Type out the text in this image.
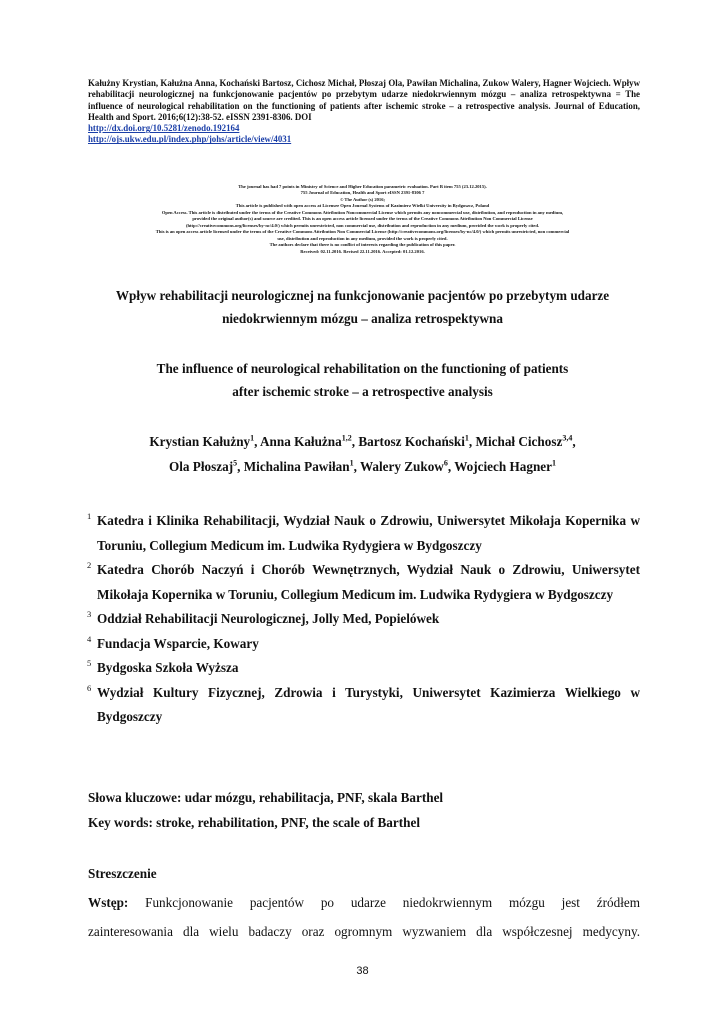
Kałużny Krystian, Kałużna Anna, Kochański Bartosz, Cichosz Michał, Płoszaj Ola, Pawiłan Michalina, Zukow Walery, Hagner Wojciech. Wpływ rehabilitacji neurologicznej na funkcjonowanie pacjentów po przebytym udarze niedokrwiennym mózgu – analiza retrospektywna = The influence of neurological rehabilitation on the functioning of patients after ischemic stroke – a retrospective analysis. Journal of Education, Health and Sport. 2016;6(12):38-52. eISSN 2391-8306. DOI
http://dx.doi.org/10.5281/zenodo.192164
http://ojs.ukw.edu.pl/index.php/johs/article/view/4031
The journal has had 7 points in Ministry of Science and Higher Education parametric evaluation. Part B item 755 (23.12.2015).
755 Journal of Education, Health and Sport eISSN 2391-8306 7
© The Author (s) 2016;
This article is published with open access at Licensee Open Journal Systems of Kazimierz Wielki University in Bydgoszcz, Poland
Open Access. This article is distributed under the terms of the Creative Commons Attribution Noncommercial License which permits any noncommercial use, distribution, and reproduction in any medium,
provided the original author(s) and source are credited. This is an open access article licensed under the terms of the Creative Commons Attribution Non Commercial License
(http://creativecommons.org/licenses/by-nc/4.0/) which permits unrestricted, non commercial use, distribution and reproduction in any medium, provided the work is properly cited.
This is an open access article licensed under the terms of the Creative Commons Attribution Non Commercial License (http://creativecommons.org/licenses/by-nc/4.0/) which permits unrestricted, non commercial
use, distribution and reproduction in any medium, provided the work is properly cited.
The authors declare that there is no conflict of interests regarding the publication of this paper.
Received: 02.11.2016. Revised 22.11.2016. Accepted: 01.12.2016.
Wpływ rehabilitacji neurologicznej na funkcjonowanie pacjentów po przebytym udarze
niedokrwiennym mózgu – analiza retrospektywna
The influence of neurological rehabilitation on the functioning of patients
after ischemic stroke – a retrospective analysis
Krystian Kałużny$^1$, Anna Kałużna$^{1,2}$, Bartosz Kochański$^1$, Michał Cichosz$^{3,4}$,
Ola Płoszaj$^5$, Michalina Pawiłan$^1$, Walery Zukow$^6$, Wojciech Hagner$^1$
1 Katedra i Klinika Rehabilitacji, Wydział Nauk o Zdrowiu, Uniwersytet Mikołaja Kopernika w Toruniu, Collegium Medicum im. Ludwika Rydygiera w Bydgoszczy
2 Katedra Chorób Naczyń i Chorób Wewnętrznych, Wydział Nauk o Zdrowiu, Uniwersytet Mikołaja Kopernika w Toruniu, Collegium Medicum im. Ludwika Rydygiera w Bydgoszczy
3 Oddział Rehabilitacji Neurologicznej, Jolly Med, Popielówek
4 Fundacja Wsparcie, Kowary
5 Bydgoska Szkoła Wyższa
6 Wydział Kultury Fizycznej, Zdrowia i Turystyki, Uniwersytet Kazimierza Wielkiego w Bydgoszczy
Słowa kluczowe: udar mózgu, rehabilitacja, PNF, skala Barthel
Key words: stroke, rehabilitation, PNF, the scale of Barthel
Streszczenie

Wstęp: Funkcjonowanie pacjentów po udarze niedokrwiennym mózgu jest źródłem

zainteresowania dla wielu badaczy oraz ogromnym wyzwaniem dla współczesnej medycyny.

38
